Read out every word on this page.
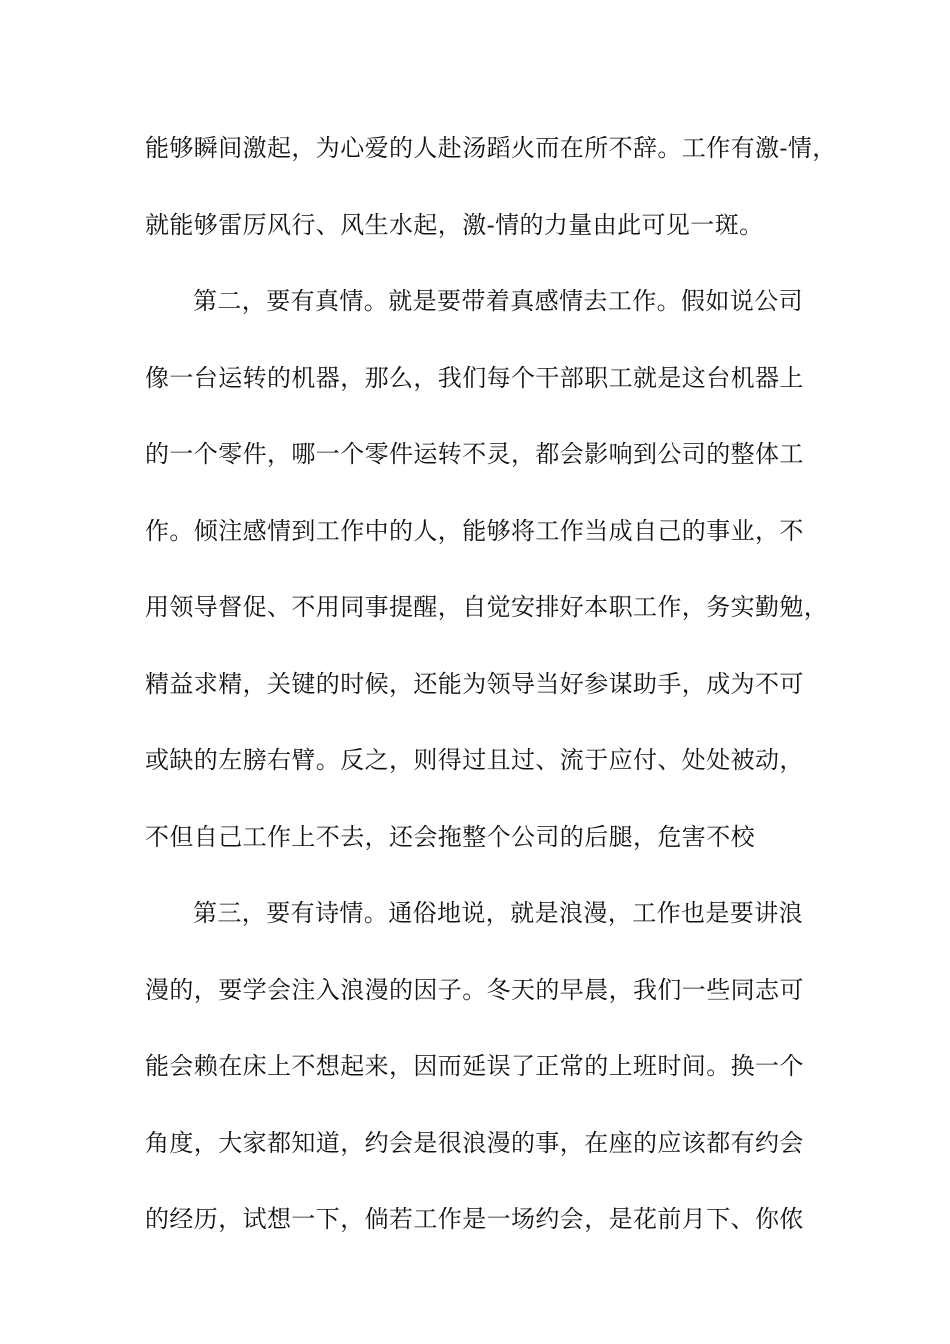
能够瞬间激起，为心爱的人赴汤蹈火而在所不辞。工作有激-情，
就能够雷厉风行、风生水起，激-情的力量由此可见一斑。
第二，要有真情。就是要带着真感情去工作。假如说公司
像一台运转的机器，那么，我们每个干部职工就是这台机器上
的一个零件，哪一个零件运转不灵，都会影响到公司的整体工
作。倾注感情到工作中的人，能够将工作当成自己的事业，不
用领导督促、不用同事提醒，自觉安排好本职工作，务实勤勉，
精益求精，关键的时候，还能为领导当好参谋助手，成为不可
或缺的左膀右臂。反之，则得过且过、流于应付、处处被动，
不但自己工作上不去，还会拖整个公司的后腿，危害不校
第三，要有诗情。通俗地说，就是浪漫，工作也是要讲浪
漫的，要学会注入浪漫的因子。冬天的早晨，我们一些同志可
能会赖在床上不想起来，因而延误了正常的上班时间。换一个
角度，大家都知道，约会是很浪漫的事，在座的应该都有约会
的经历，试想一下，倘若工作是一场约会，是花前月下、你侬
